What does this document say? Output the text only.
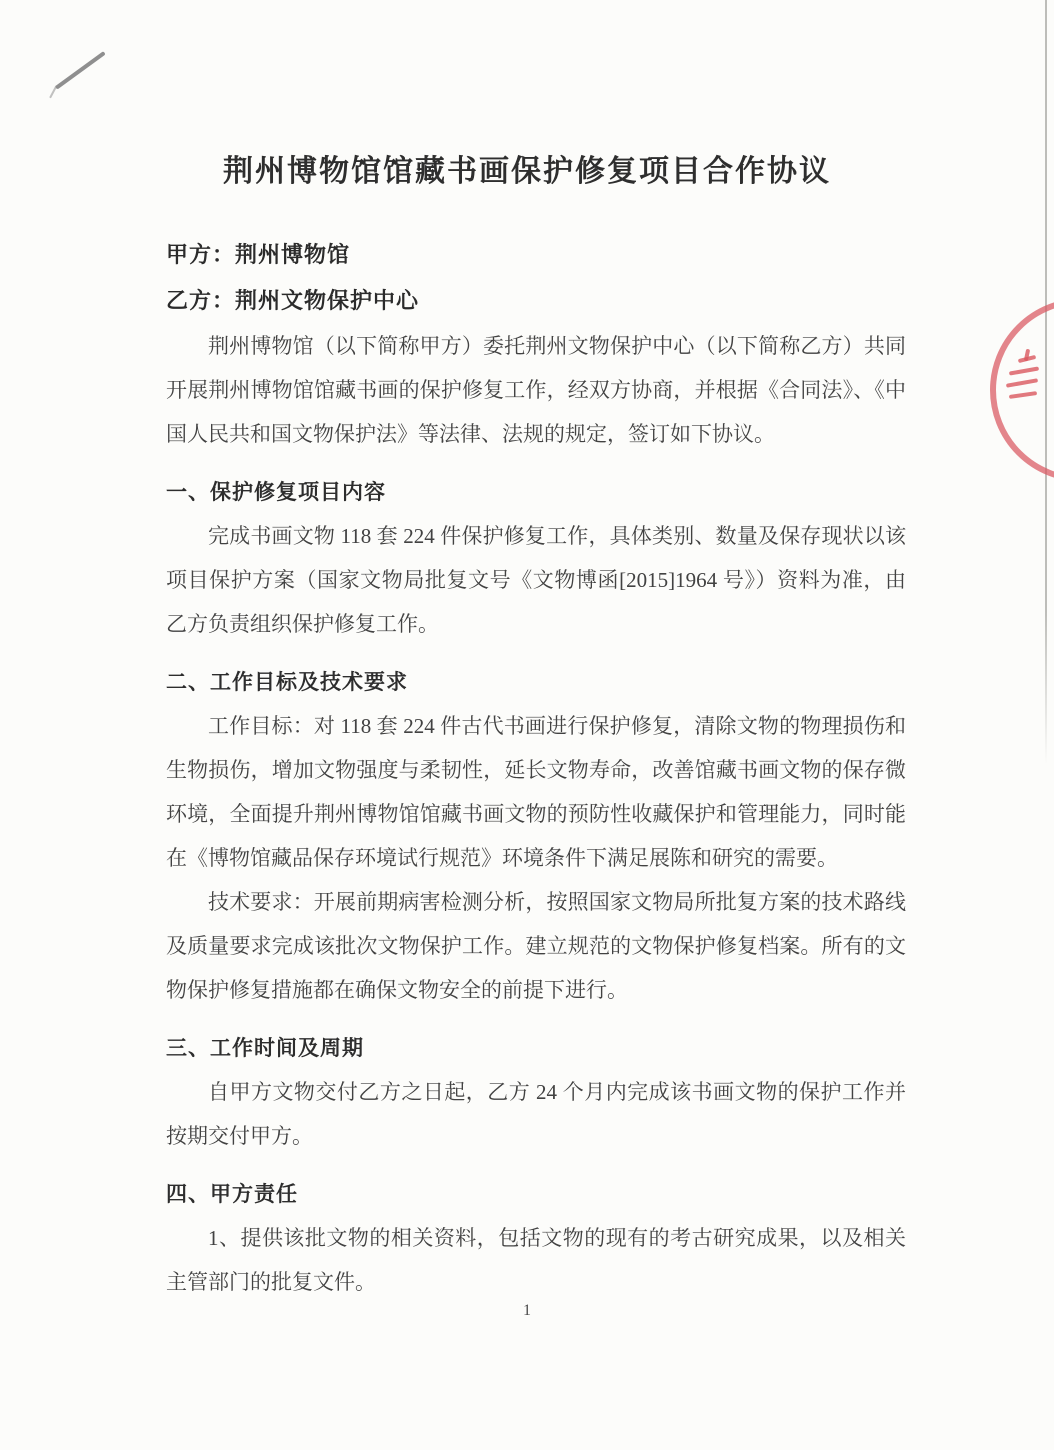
荆州博物馆馆藏书画保护修复项目合作协议
甲方：荆州博物馆
乙方：荆州文物保护中心
荆州博物馆（以下简称甲方）委托荆州文物保护中心（以下简称乙方）共同
开展荆州博物馆馆藏书画的保护修复工作，经双方协商，并根据《合同法》、《中
国人民共和国文物保护法》等法律、法规的规定，签订如下协议。
一、保护修复项目内容
完成书画文物 118 套 224 件保护修复工作，具体类别、数量及保存现状以该
项目保护方案（国家文物局批复文号《文物博函[2015]1964 号》）资料为准，由
乙方负责组织保护修复工作。
二、工作目标及技术要求
工作目标：对 118 套 224 件古代书画进行保护修复，清除文物的物理损伤和
生物损伤，增加文物强度与柔韧性，延长文物寿命，改善馆藏书画文物的保存微
环境，全面提升荆州博物馆馆藏书画文物的预防性收藏保护和管理能力，同时能
在《博物馆藏品保存环境试行规范》环境条件下满足展陈和研究的需要。
技术要求：开展前期病害检测分析，按照国家文物局所批复方案的技术路线
及质量要求完成该批次文物保护工作。建立规范的文物保护修复档案。所有的文
物保护修复措施都在确保文物安全的前提下进行。
三、工作时间及周期
自甲方文物交付乙方之日起，乙方 24 个月内完成该书画文物的保护工作并
按期交付甲方。
四、甲方责任
1、提供该批文物的相关资料，包括文物的现有的考古研究成果，以及相关
主管部门的批复文件。
1
